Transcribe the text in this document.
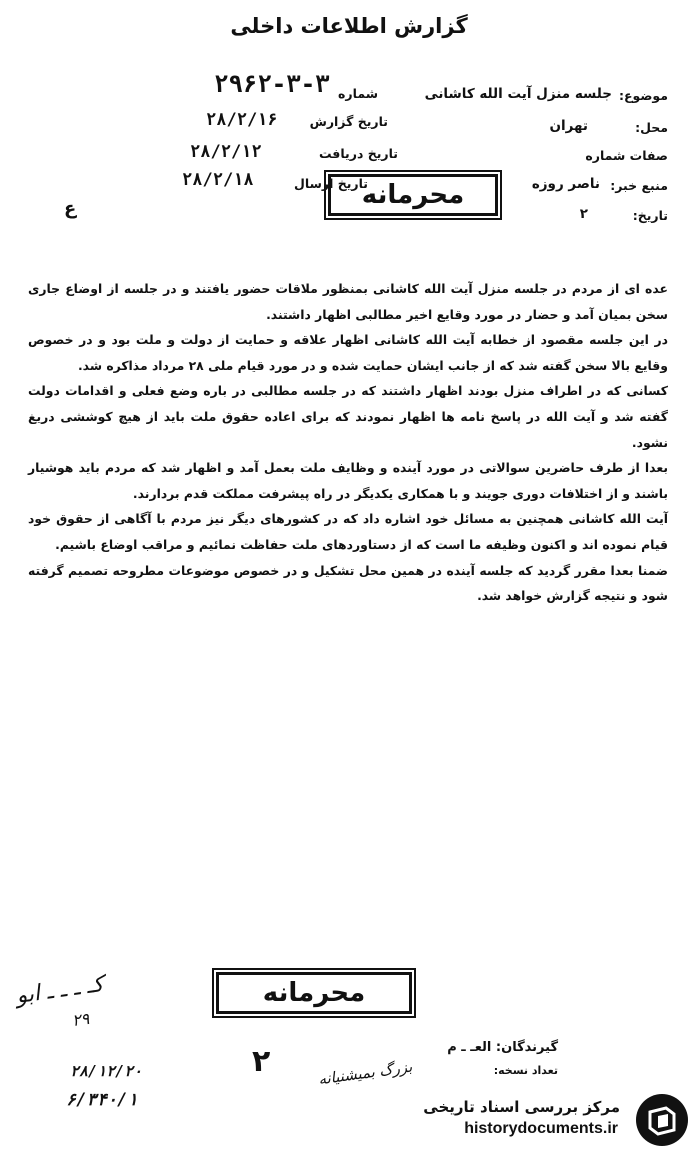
گزارش اطلاعات داخلی
موضوع:
جلسه منزل آیت الله کاشانی
محل:
تهران
صفات شماره
منبع خبر:
ناصر روزه
تاریخ:
۲
شماره
۲۹۶۲-۳-۳
تاریخ گزارش
۲۸/۲/۱۶
تاریخ دریافت
۲۸/۲/۱۲
تاریخ ارسال
۲۸/۲/۱۸
ع	محرمانه

عده ای از مردم در جلسه منزل آیت الله کاشانی بمنظور ملاقات حضور یافتند و در جلسه از اوضاع جاری سخن بمیان آمد و حضار در مورد وقایع اخیر مطالبی اظهار داشتند.

در این جلسه مقصود از خطابه آیت الله کاشانی اظهار علاقه و حمایت از دولت و ملت بود و در خصوص وقایع بالا سخن گفته شد که از جانب ایشان حمایت شده و در مورد قیام ملی ۲۸ مرداد مذاکره شد.

کسانی که در اطراف منزل بودند اظهار داشتند که در جلسه مطالبی در باره وضع فعلی و اقدامات دولت گفته شد و آیت الله در پاسخ نامه ها اظهار نمودند که برای اعاده حقوق ملت باید از هیچ کوششی دریغ نشود.

بعدا از طرف حاضرین سوالاتی در مورد آینده و وظایف ملت بعمل آمد و اظهار شد که مردم باید هوشیار باشند و از اختلافات دوری جویند و با همکاری یکدیگر در راه پیشرفت مملکت قدم بردارند.

آیت الله کاشانی همچنین به مسائل خود اشاره داد که در کشورهای دیگر نیز مردم با آگاهی از حقوق خود قیام نموده اند و اکنون وظیفه ما است که از دستاوردهای ملت حفاظت نمائیم و مراقب اوضاع باشیم.

ضمنا بعدا مقرر گردید که جلسه آینده در همین محل تشکیل و در خصوص موضوعات مطروحه تصمیم گرفته شود و نتیجه گزارش خواهد شد.

محرمانه
کـ ـ ـ ـ ابو
۲۹
گیرندگان: العـ ـ م
تعداد نسخه:
۲۸/۱۲/۲۰
۶/۳۴۰/۱
۲	بزرگ بمیشنیانه
مرکز بررسی اسناد تاریخی
historydocuments.ir
